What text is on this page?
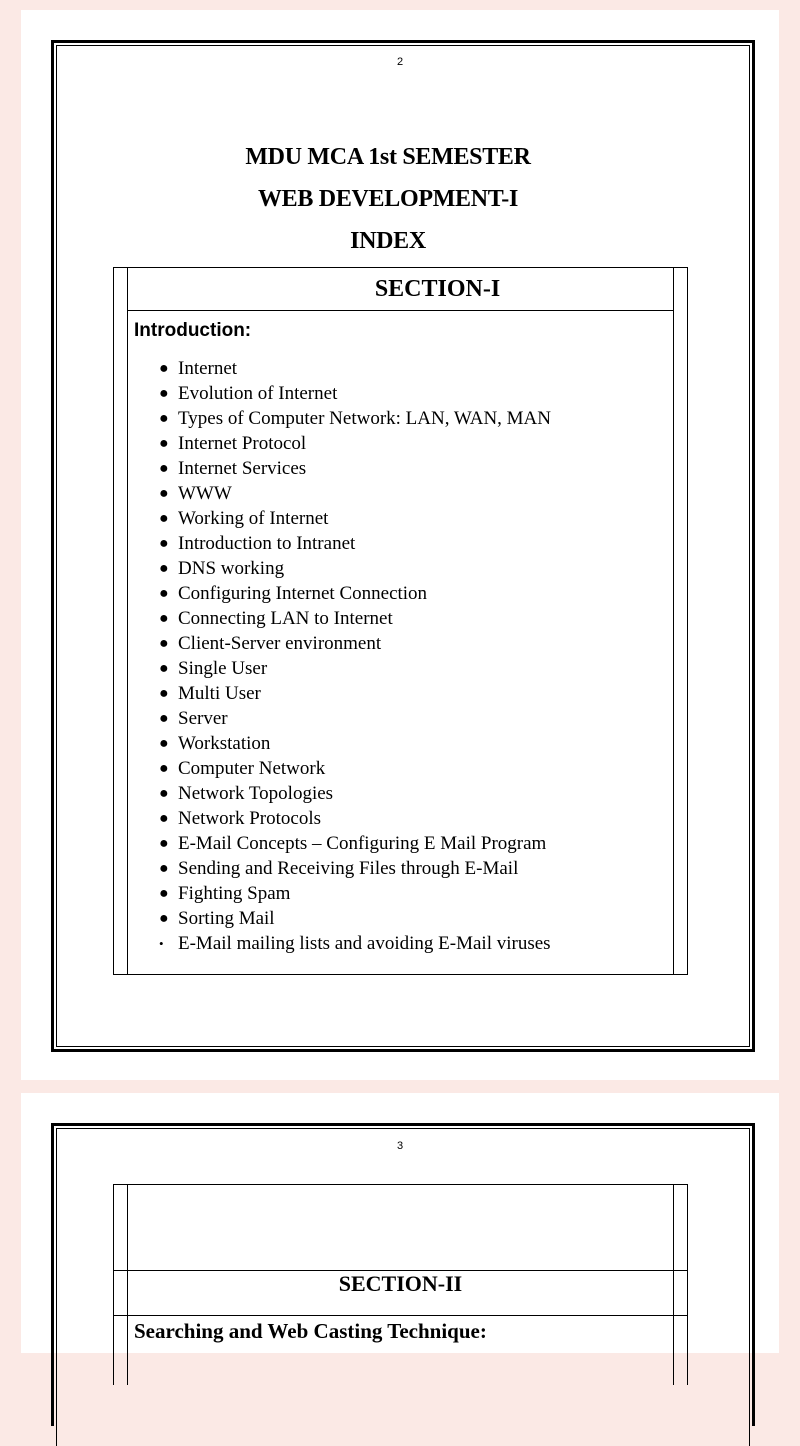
2
MDU MCA 1st SEMESTER
WEB DEVELOPMENT-I
INDEX
SECTION-I
Introduction:
● Internet
● Evolution of Internet
● Types of Computer Network: LAN, WAN, MAN
● Internet Protocol
● Internet Services
● WWW
● Working of Internet
● Introduction to Intranet
● DNS working
● Configuring Internet Connection
● Connecting LAN to Internet
● Client-Server environment
● Single User
● Multi User
● Server
● Workstation
● Computer Network
● Network Topologies
● Network Protocols
● E-Mail Concepts – Configuring E Mail Program
● Sending and Receiving Files through E-Mail
● Fighting Spam
● Sorting Mail
• E-Mail mailing lists and avoiding E-Mail viruses
3
SECTION-II
Searching and Web Casting Technique:
